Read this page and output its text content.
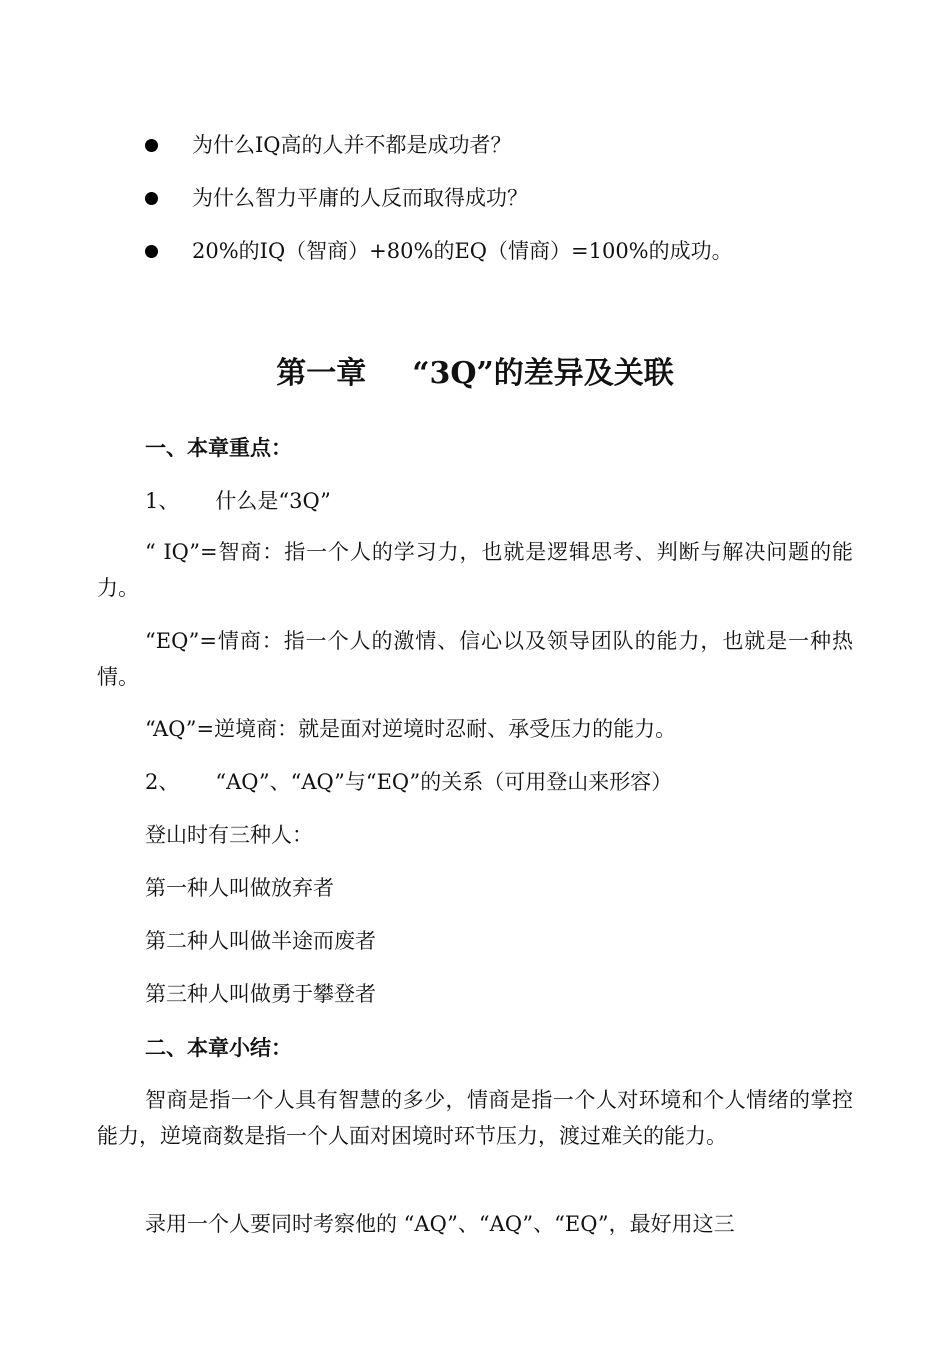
为什么IQ高的人并不都是成功者？
为什么智力平庸的人反而取得成功？
20%的IQ（智商）+80%的EQ（情商）=100%的成功。
第一章 “3Q”的差异及关联
一、本章重点：
1、 什么是“3Q”
“ IQ”=智商：指一个人的学习力，也就是逻辑思考、判断与解决问题的能力。
“EQ”=情商：指一个人的激情、信心以及领导团队的能力，也就是一种热情。
“AQ”=逆境商：就是面对逆境时忍耐、承受压力的能力。
2、 “AQ”、“AQ”与“EQ”的关系（可用登山来形容）
登山时有三种人：
第一种人叫做放弃者
第二种人叫做半途而废者
第三种人叫做勇于攀登者
二、本章小结：
智商是指一个人具有智慧的多少，情商是指一个人对环境和个人情绪的掌控能力，逆境商数是指一个人面对困境时环节压力，渡过难关的能力。
录用一个人要同时考察他的 “AQ”、“AQ”、“EQ”，最好用这三
